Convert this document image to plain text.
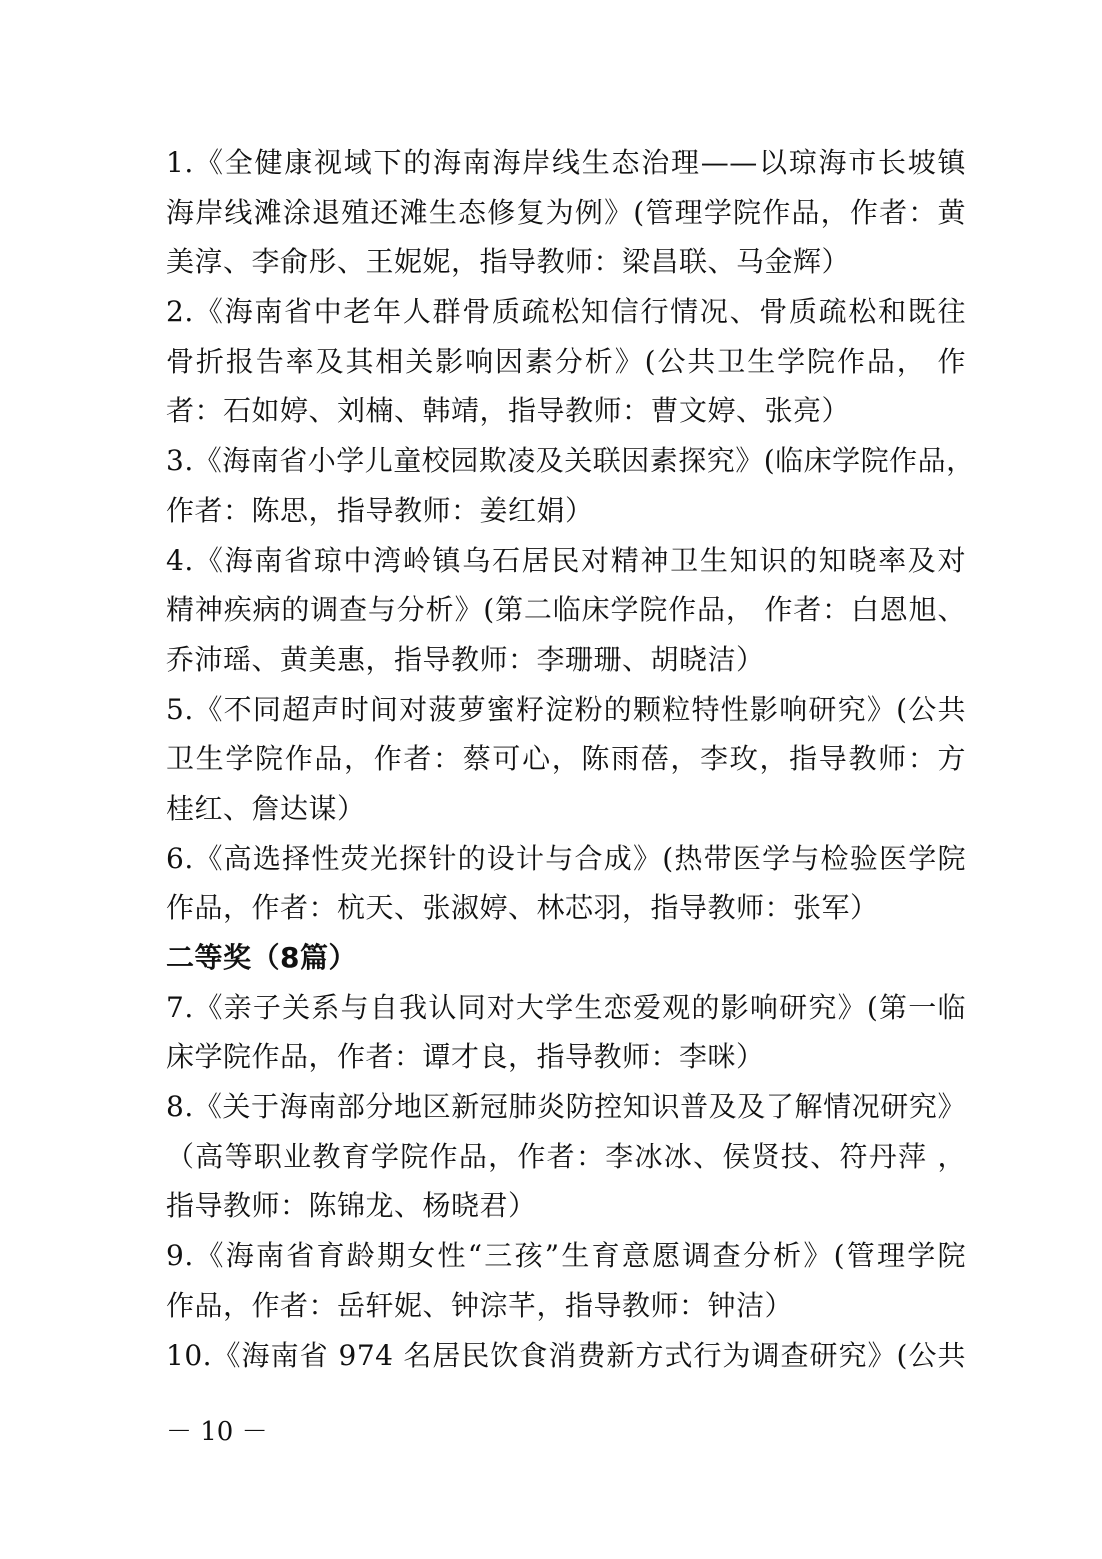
1.《全健康视域下的海南海岸线生态治理——以琼海市长坡镇
海岸线滩涂退殖还滩生态修复为例》(管理学院作品，作者：黄
美淳、李俞彤、王妮妮，指导教师：梁昌联、马金辉）
2.《海南省中老年人群骨质疏松知信行情况、骨质疏松和既往
骨折报告率及其相关影响因素分析》(公共卫生学院作品， 作
者：石如婷、刘楠、韩靖，指导教师：曹文婷、张亮）
3.《海南省小学儿童校园欺凌及关联因素探究》(临床学院作品，
作者：陈思，指导教师：姜红娟）
4.《海南省琼中湾岭镇乌石居民对精神卫生知识的知晓率及对
精神疾病的调查与分析》(第二临床学院作品， 作者：白恩旭、
乔沛瑶、黄美惠，指导教师：李珊珊、胡晓洁）
5.《不同超声时间对菠萝蜜籽淀粉的颗粒特性影响研究》(公共
卫生学院作品，作者：蔡可心，陈雨蓓，李玫，指导教师：方
桂红、詹达谋）
6.《高选择性荧光探针的设计与合成》(热带医学与检验医学院
作品，作者：杭天、张淑婷、林芯羽，指导教师：张军）
二等奖（8篇）
7.《亲子关系与自我认同对大学生恋爱观的影响研究》(第一临
床学院作品，作者：谭才良，指导教师：李咪）
8.《关于海南部分地区新冠肺炎防控知识普及及了解情况研究》
（高等职业教育学院作品，作者：李冰冰、侯贤技、符丹萍 ，
指导教师：陈锦龙、杨晓君）
9.《海南省育龄期女性“三孩”生育意愿调查分析》(管理学院
作品，作者：岳轩妮、钟淙芊，指导教师：钟洁）
10.《海南省 974 名居民饮食消费新方式行为调查研究》(公共
－ 10 －
